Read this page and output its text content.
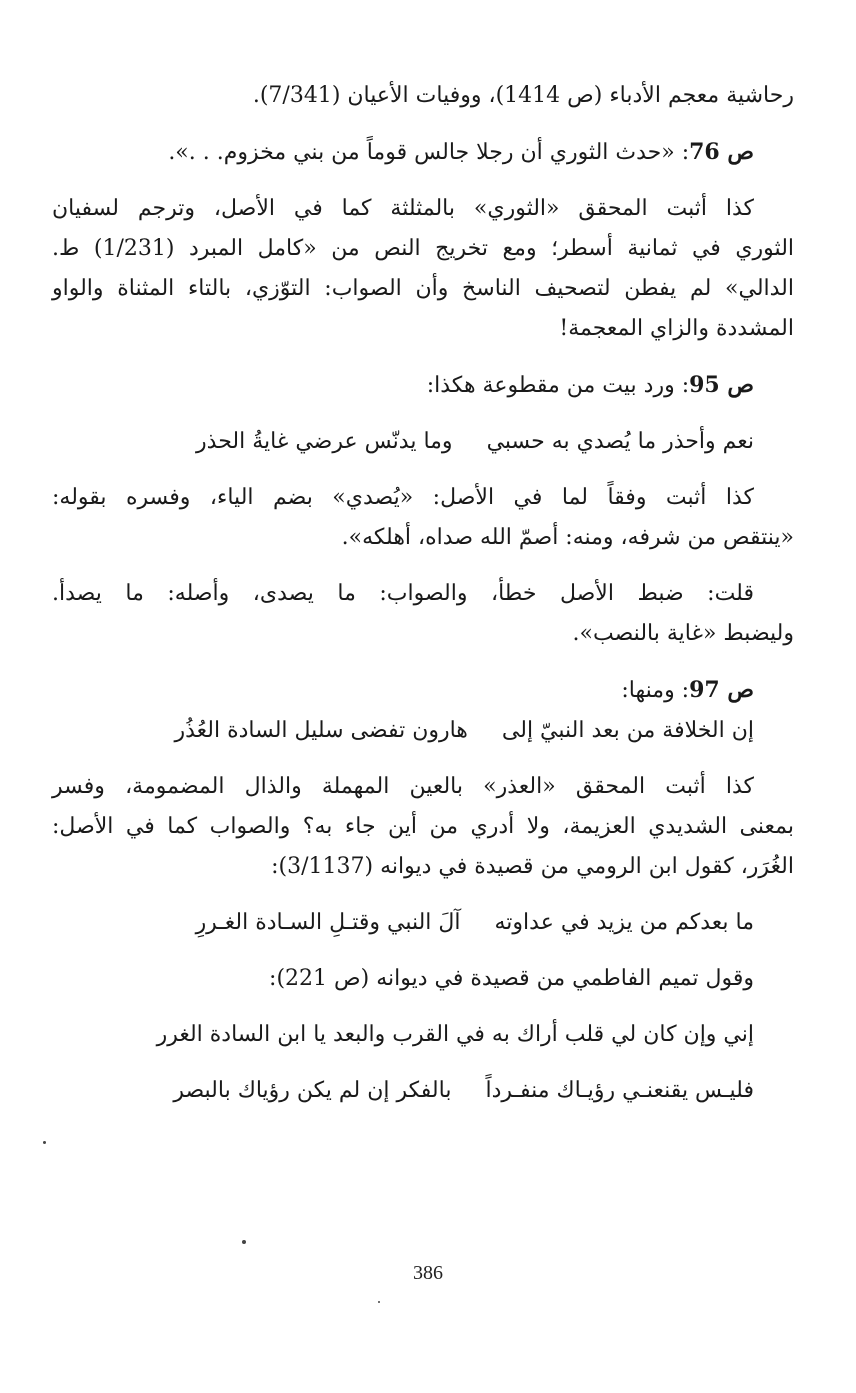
رحاشية معجم الأدباء (ص 1414)، ووفيات الأعيان (7/341).
ص 76: «حدث الثوري أن رجلا جالس قوماً من بني مخزوم. . .».
كذا أثبت المحقق «الثوري» بالمثلثة كما في الأصل، وترجم لسفيان
الثوري في ثمانية أسطر؛ ومع تخريج النص من «كامل المبرد (1/231) ط.
الدالي» لم يفطن لتصحيف الناسخ وأن الصواب: التوّزي، بالتاء المثناة والواو
المشددة والزاي المعجمة!
ص 95: ورد بيت من مقطوعة هكذا:
نعم وأحذر ما يُصدي به حسبي
وما يدنّس عرضي غايةُ الحذر
كذا أثبت وفقاً لما في الأصل: «يُصدي» بضم الياء، وفسره بقوله:
«ينتقص من شرفه، ومنه: أصمّ الله صداه، أهلكه».
قلت: ضبط الأصل خطأ، والصواب: ما يصدى، وأصله: ما يصدأ.
وليضبط «غاية بالنصب».
ص 97: ومنها:
إن الخلافة من بعد النبيّ إلى
هارون تفضى سليل السادة العُذُر
كذا أثبت المحقق «العذر» بالعين المهملة والذال المضمومة، وفسر
بمعنى الشديدي العزيمة، ولا أدري من أين جاء به؟ والصواب كما في الأصل:
الغُرَر، كقول ابن الرومي من قصيدة في ديوانه (3/1137):
ما بعدكم من يزيد في عداوته
آلَ النبي وقتـلِ السـادة الغـررِ
وقول تميم الفاطمي من قصيدة في ديوانه (ص 221):
إني وإن كان لي قلب أراك به في القرب والبعد يا ابن السادة الغرر
فليـس يقنعنـي رؤيـاك منفـرداً
بالفكر إن لم يكن رؤياك بالبصر
386
